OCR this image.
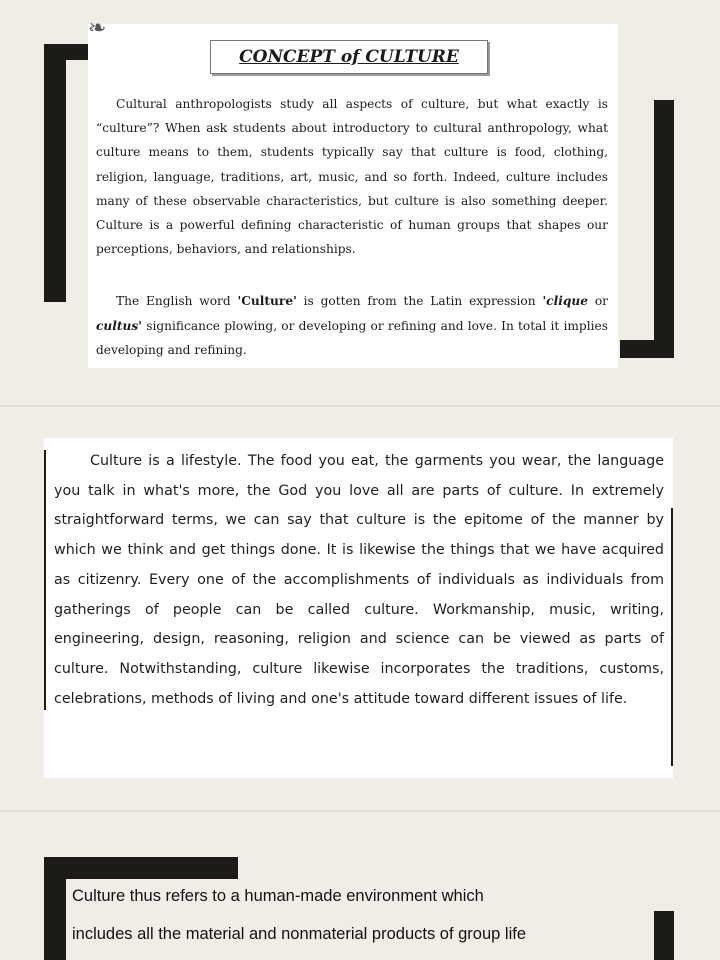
❧
CONCEPT of CULTURE

Cultural anthropologists study all aspects of culture, but what exactly is “culture”? When ask students about introductory to cultural anthropology, what culture means to them, students typically say that culture is food, clothing, religion, language, traditions, art, music, and so forth. Indeed, culture includes many of these observable characteristics, but culture is also something deeper. Culture is a powerful defining characteristic of human groups that shapes our perceptions, behaviors, and relationships.

The English word 'Culture' is gotten from the Latin expression 'clique or cultus' significance plowing, or developing or refining and love. In total it implies developing and refining.

Culture is a lifestyle. The food you eat, the garments you wear, the language you talk in what's more, the God you love all are parts of culture. In extremely straightforward terms, we can say that culture is the epitome of the manner by which we think and get things done. It is likewise the things that we have acquired as citizenry. Every one of the accomplishments of individuals as individuals from gatherings of people can be called culture. Workmanship, music, writing, engineering, design, reasoning, religion and science can be viewed as parts of culture. Notwithstanding, culture likewise incorporates the traditions, customs, celebrations, methods of living and one's attitude toward different issues of life.

Culture thus refers to a human-made environment which

includes all the material and nonmaterial products of group life
